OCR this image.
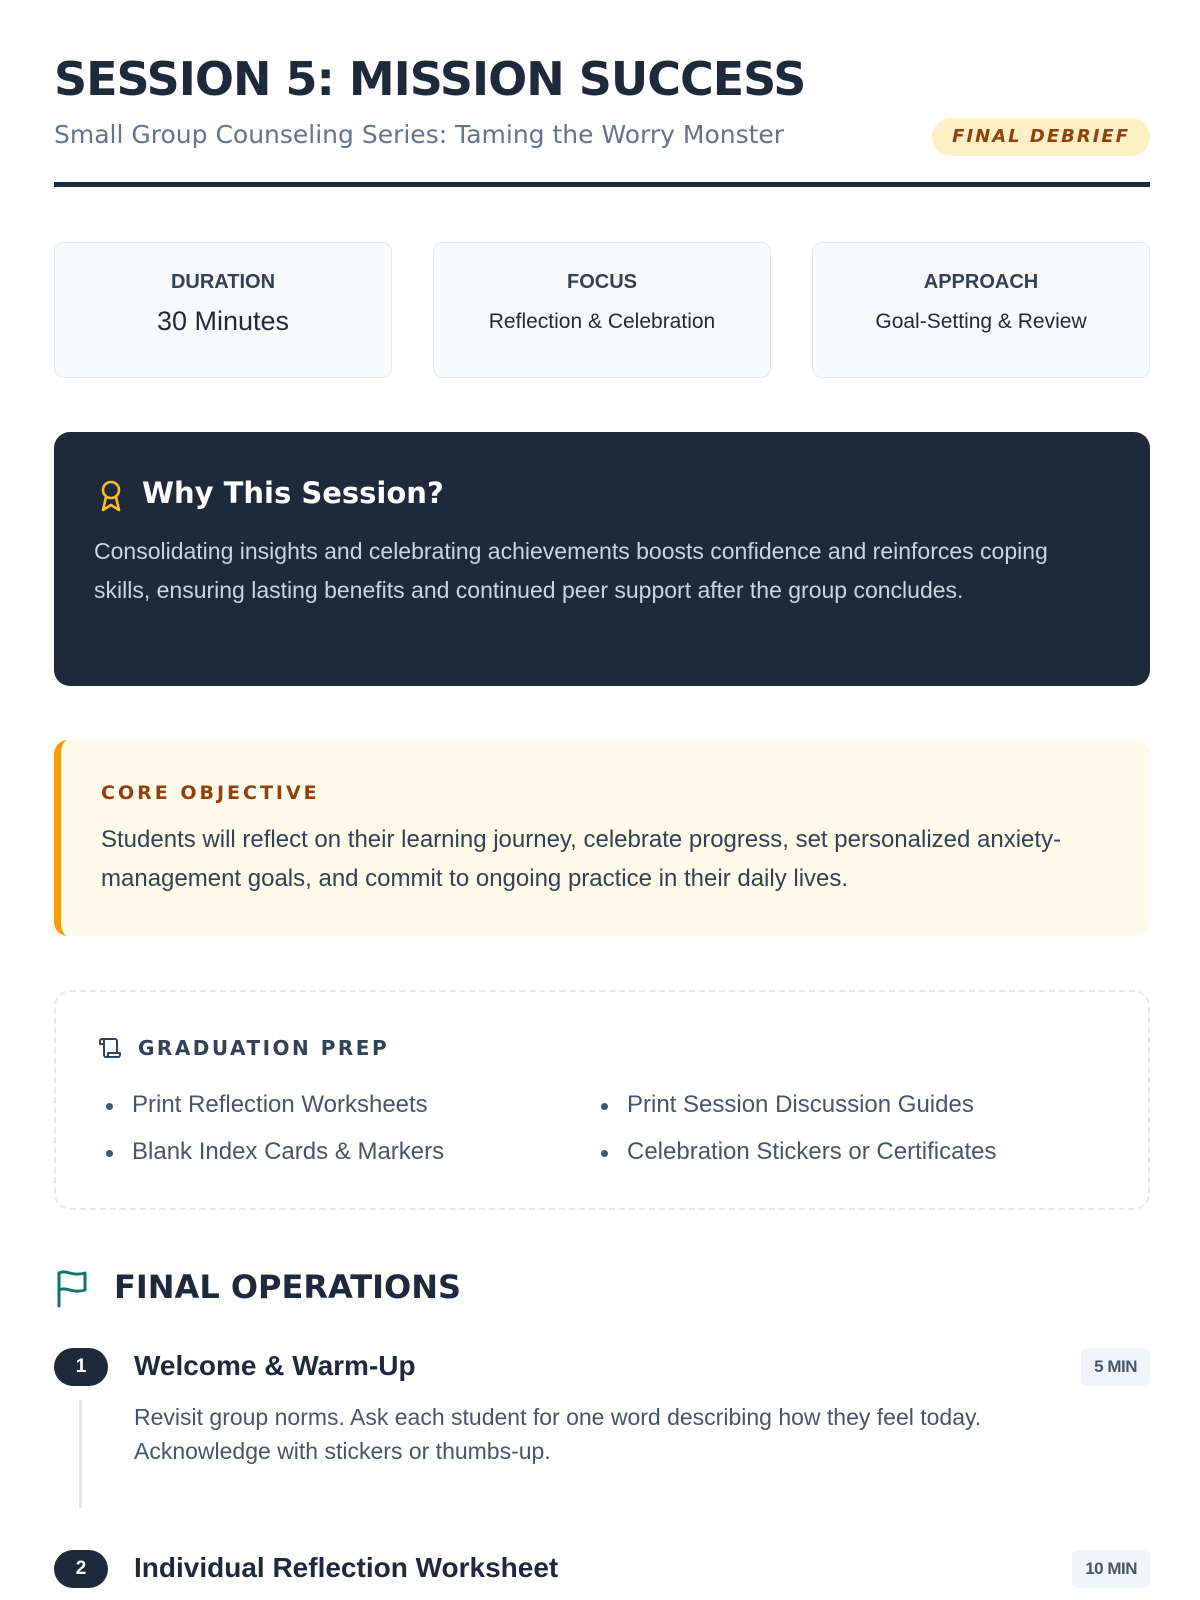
SESSION 5: MISSION SUCCESS
Small Group Counseling Series: Taming the Worry Monster	FINAL DEBRIEF
DURATION
30 Minutes
FOCUS
Reflection & Celebration
APPROACH
Goal-Setting & Review
Why This Session?

Consolidating insights and celebrating achievements boosts confidence and reinforces coping skills, ensuring lasting benefits and continued peer support after the group concludes.

CORE OBJECTIVE

Students will reflect on their learning journey, celebrate progress, set personalized anxiety-management goals, and commit to ongoing practice in their daily lives.

GRADUATION PREP
Print Reflection Worksheets
Blank Index Cards & Markers
Print Session Discussion Guides
Celebration Stickers or Certificates
FINAL OPERATIONS
1	Welcome & Warm-Up	5 MIN

Revisit group norms. Ask each student for one word describing how they feel today. Acknowledge with stickers or thumbs-up.

2	Individual Reflection Worksheet	10 MIN
